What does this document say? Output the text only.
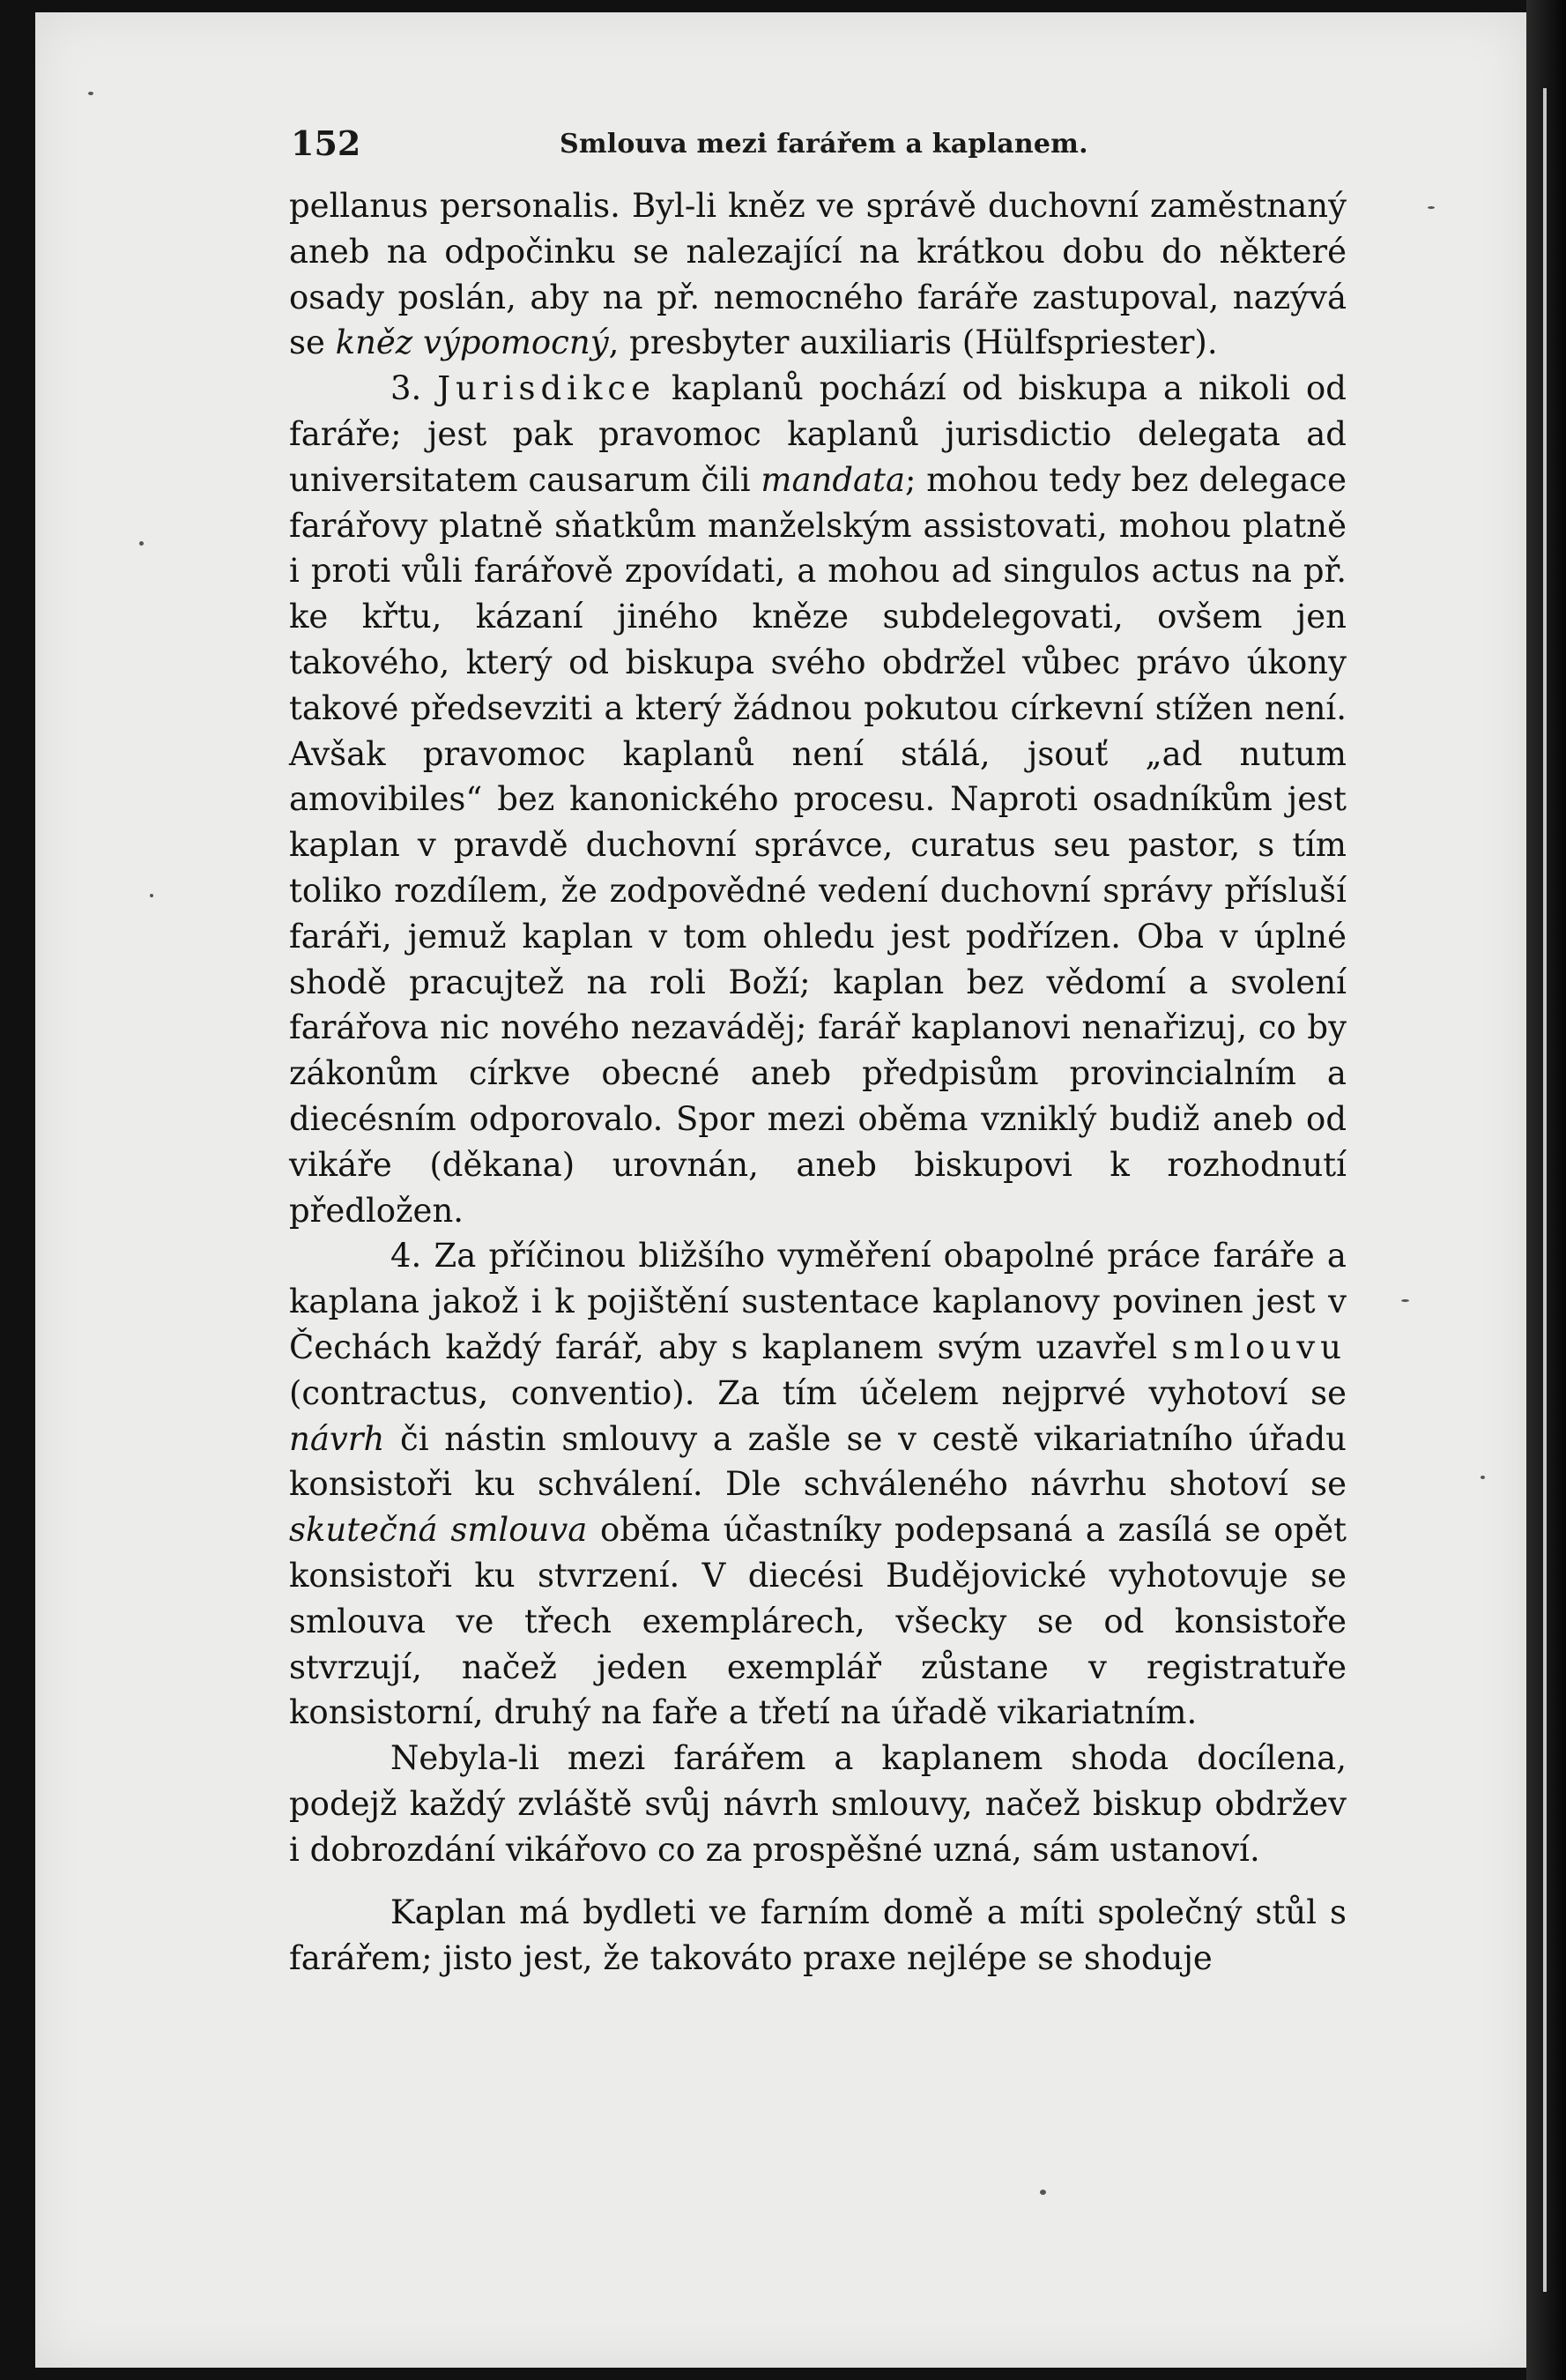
152	Smlouva mezi farářem a kaplanem.

pellanus personalis. Byl-li kněz ve správě duchovní zaměstnaný aneb na odpočinku se nalezající na krátkou dobu do některé osady poslán, aby na př. nemocného faráře zastupoval, nazývá se kněz výpomocný, presbyter auxiliaris (Hülfspriester).

3. Jurisdikce kaplanů pochází od biskupa a nikoli od faráře; jest pak pravomoc kaplanů jurisdictio delegata ad universitatem causarum čili mandata; mohou tedy bez delegace farářovy platně sňatkům manželským assistovati, mohou platně i proti vůli farářově zpovídati, a mohou ad singulos actus na př. ke křtu, kázaní jiného kněze subdelegovati, ovšem jen takového, který od biskupa svého obdržel vůbec právo úkony takové předsevziti a který žádnou pokutou církevní stížen není. Avšak pravomoc kaplanů není stálá, jsouť „ad nutum amovibiles“ bez kanonického procesu. Naproti osadníkům jest kaplan v pravdě duchovní správce, curatus seu pastor, s tím toliko rozdílem, že zodpovědné vedení duchovní správy přísluší faráři, jemuž kaplan v tom ohledu jest podřízen. Oba v úplné shodě pracujtež na roli Boží; kaplan bez vědomí a svolení farářova nic nového nezaváděj; farář kaplanovi nenařizuj, co by zákonům církve obecné aneb předpisům provincialním a diecésním odporovalo. Spor mezi oběma vzniklý budiž aneb od vikáře (děkana) urovnán, aneb biskupovi k rozhodnutí předložen.

4. Za příčinou bližšího vyměření obapolné práce faráře a kaplana jakož i k pojištění sustentace kaplanovy povinen jest v Čechách každý farář, aby s kaplanem svým uzavřel smlouvu (contractus, conventio). Za tím účelem nejprvé vyhotoví se návrh či nástin smlouvy a zašle se v cestě vikariatního úřadu konsistoři ku schválení. Dle schváleného návrhu shotoví se skutečná smlouva oběma účastníky podepsaná a zasílá se opět konsistoři ku stvrzení. V diecési Budějovické vyhotovuje se smlouva ve třech exemplárech, všecky se od konsistoře stvrzují, načež jeden exemplář zůstane v registratuře konsistorní, druhý na faře a třetí na úřadě vikariatním.

Nebyla-li mezi farářem a kaplanem shoda docílena, podejž každý zvláště svůj návrh smlouvy, načež biskup obdržev i dobrozdání vikářovo co za prospěšné uzná, sám ustanoví.

Kaplan má bydleti ve farním domě a míti společný stůl s farářem; jisto jest, že takováto praxe nejlépe se shoduje
